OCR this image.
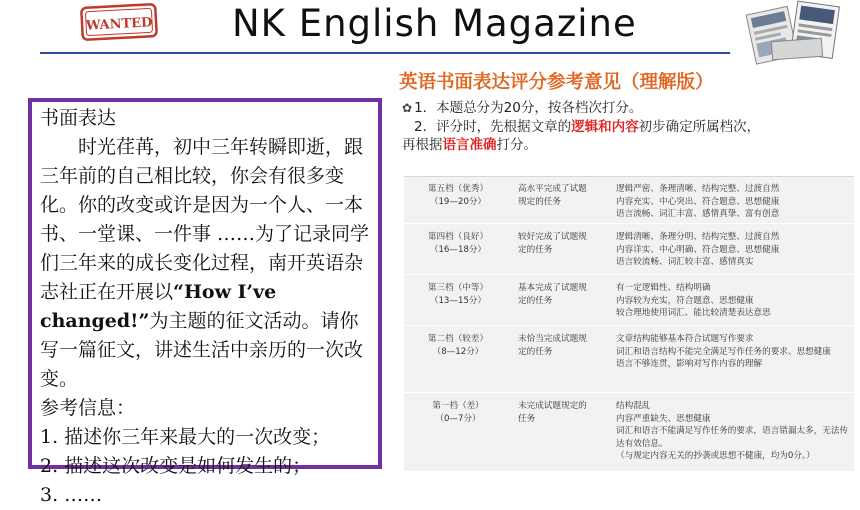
WANTED NK English Magazine

书面表达

时光荏苒，初中三年转瞬即逝，跟三年前的自己相比较，你会有很多变化。你的改变或许是因为一个人、一本书、一堂课、一件事 ……为了记录同学们三年来的成长变化过程，南开英语杂志社正在开展以“How I’ve changed!”为主题的征文活动。请你写一篇征文，讲述生活中亲历的一次改变。

参考信息：

1. 描述你三年来最大的一次改变；

2. 描述这次改变是如何发生的；

3. ……

英语书面表达评分参考意见（理解版）
✿ 1．本题总分为20分，按各档次打分。
2．评分时，先根据文章的逻辑和内容初步确定所属档次，
再根据语言准确打分。
第五档（优秀）
（19—20分）
高水平完成了试题
规定的任务
逻辑严密、条理清晰、结构完整、过渡自然
内容充实、中心突出、符合题意、思想健康
语言流畅、词汇丰富、感情真挚、富有创意
第四档（良好）
（16—18分）
较好完成了试题规
定的任务
逻辑清晰、条理分明、结构完整、过渡自然
内容详实、中心明确、符合题意、思想健康
语言较流畅、词汇较丰富、感情真实
第三档（中等）
（13—15分）
基本完成了试题规
定的任务
有一定逻辑性、结构明确
内容较为充实，符合题意、思想健康
较合理地使用词汇、能比较清楚表达意思
第二档（较差）
（8—12分）
未恰当完成试题规
定的任务
文章结构能够基本符合试题写作要求
词汇和语言结构不能完全满足写作任务的要求、思想健康
语言不够连贯，影响对写作内容的理解
第一档（差）
（0—7分）
未完成试题规定的
任务
结构混乱
内容严重缺失、思想健康
词汇和语言不能满足写作任务的要求，语言错漏太多，无法传达有效信息。
（与规定内容无关的抄袭或思想不健康，均为0分。）
